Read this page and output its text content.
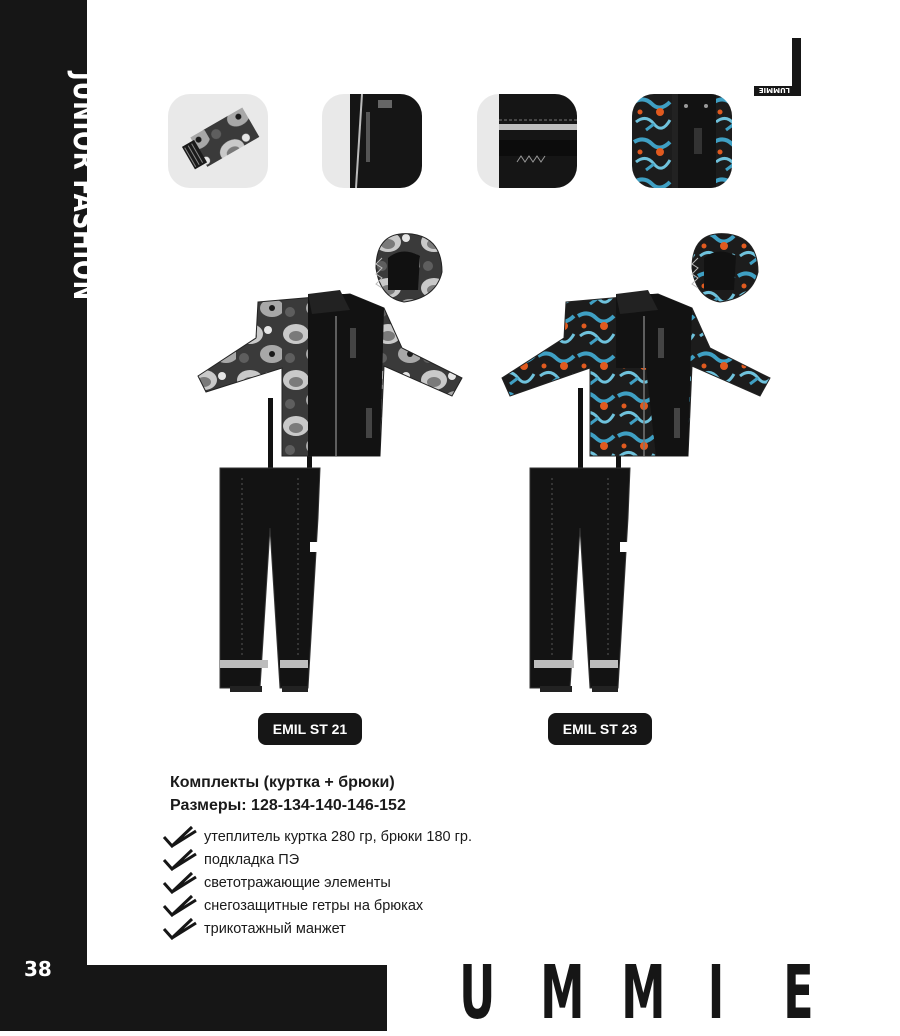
JUNIOR FASHION
38
LUMMIE
EMIL ST 21	EMIL ST 23
Комплекты (куртка + брюки)
Размеры: 128-134-140-146-152
утеплитель куртка 280 гр, брюки 180 гр.
подкладка ПЭ
светотражающие элементы
снегозащитные гетры на брюках
трикотажный манжет
U M M I E
